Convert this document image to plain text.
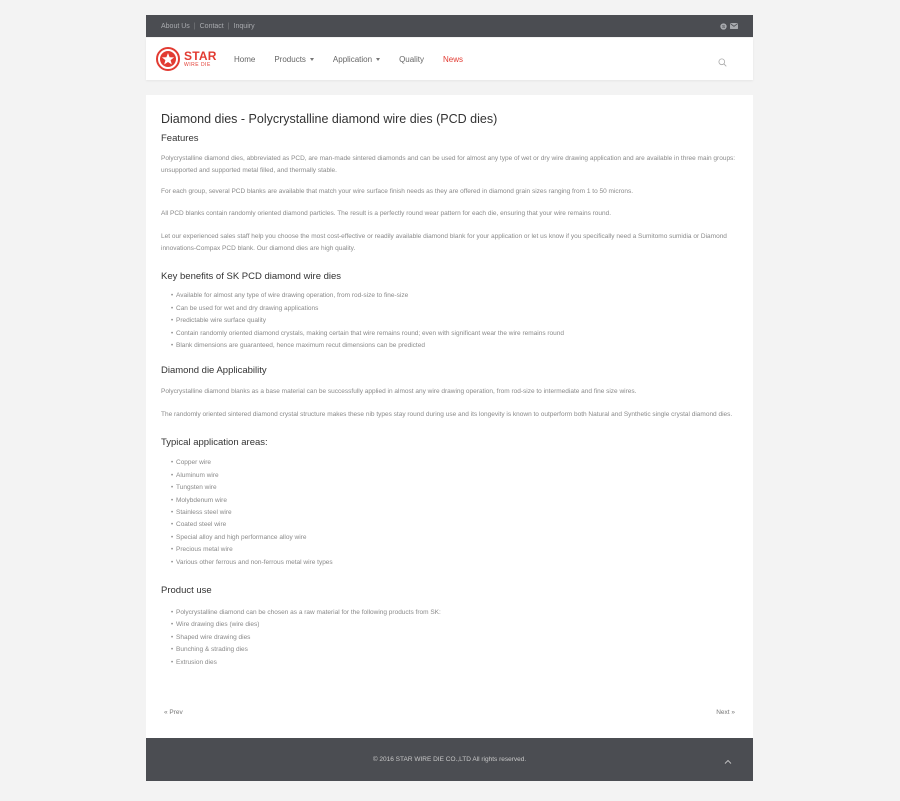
About Us | Contact | Inquiry	S
STAR
WIRE DIE
Home Products	Application	Quality News
Diamond dies - Polycrystalline diamond wire dies (PCD dies)
Features

Polycrystalline diamond dies, abbreviated as PCD, are man-made sintered diamonds and can be used for almost any type of wet or dry wire drawing application and are available in three main groups: unsupported and supported metal filled, and thermally stable.

For each group, several PCD blanks are available that match your wire surface finish needs as they are offered in diamond grain sizes ranging from 1 to 50 microns.

All PCD blanks contain randomly oriented diamond particles. The result is a perfectly round wear pattern for each die, ensuring that your wire remains round.

Let our experienced sales staff help you choose the most cost-effective or readily available diamond blank for your application or let us know if you specifically need a Sumitomo sumidia or Diamond innovations-Compax PCD blank. Our diamond dies are high quality.

Key benefits of SK PCD diamond wire dies
• Available for almost any type of wire drawing operation, from rod-size to fine-size
• Can be used for wet and dry drawing applications
• Predictable wire surface quality
• Contain randomly oriented diamond crystals, making certain that wire remains round; even with significant wear the wire remains round
• Blank dimensions are guaranteed, hence maximum recut dimensions can be predicted
Diamond die Applicability

Polycrystalline diamond blanks as a base material can be successfully applied in almost any wire drawing operation, from rod-size to intermediate and fine size wires.

The randomly oriented sintered diamond crystal structure makes these nib types stay round during use and its longevity is known to outperform both Natural and Synthetic single crystal diamond dies.

Typical application areas:
• Copper wire
• Aluminum wire
• Tungsten wire
• Molybdenum wire
• Stainless steel wire
• Coated steel wire
• Special alloy and high performance alloy wire
• Precious metal wire
• Various other ferrous and non-ferrous metal wire types
Product use
• Polycrystalline diamond can be chosen as a raw material for the following products from SK:
• Wire drawing dies (wire dies)
• Shaped wire drawing dies
• Bunching & strading dies
• Extrusion dies
« Prev	Next »
© 2016 STAR WIRE DIE CO.,LTD All rights reserved.
